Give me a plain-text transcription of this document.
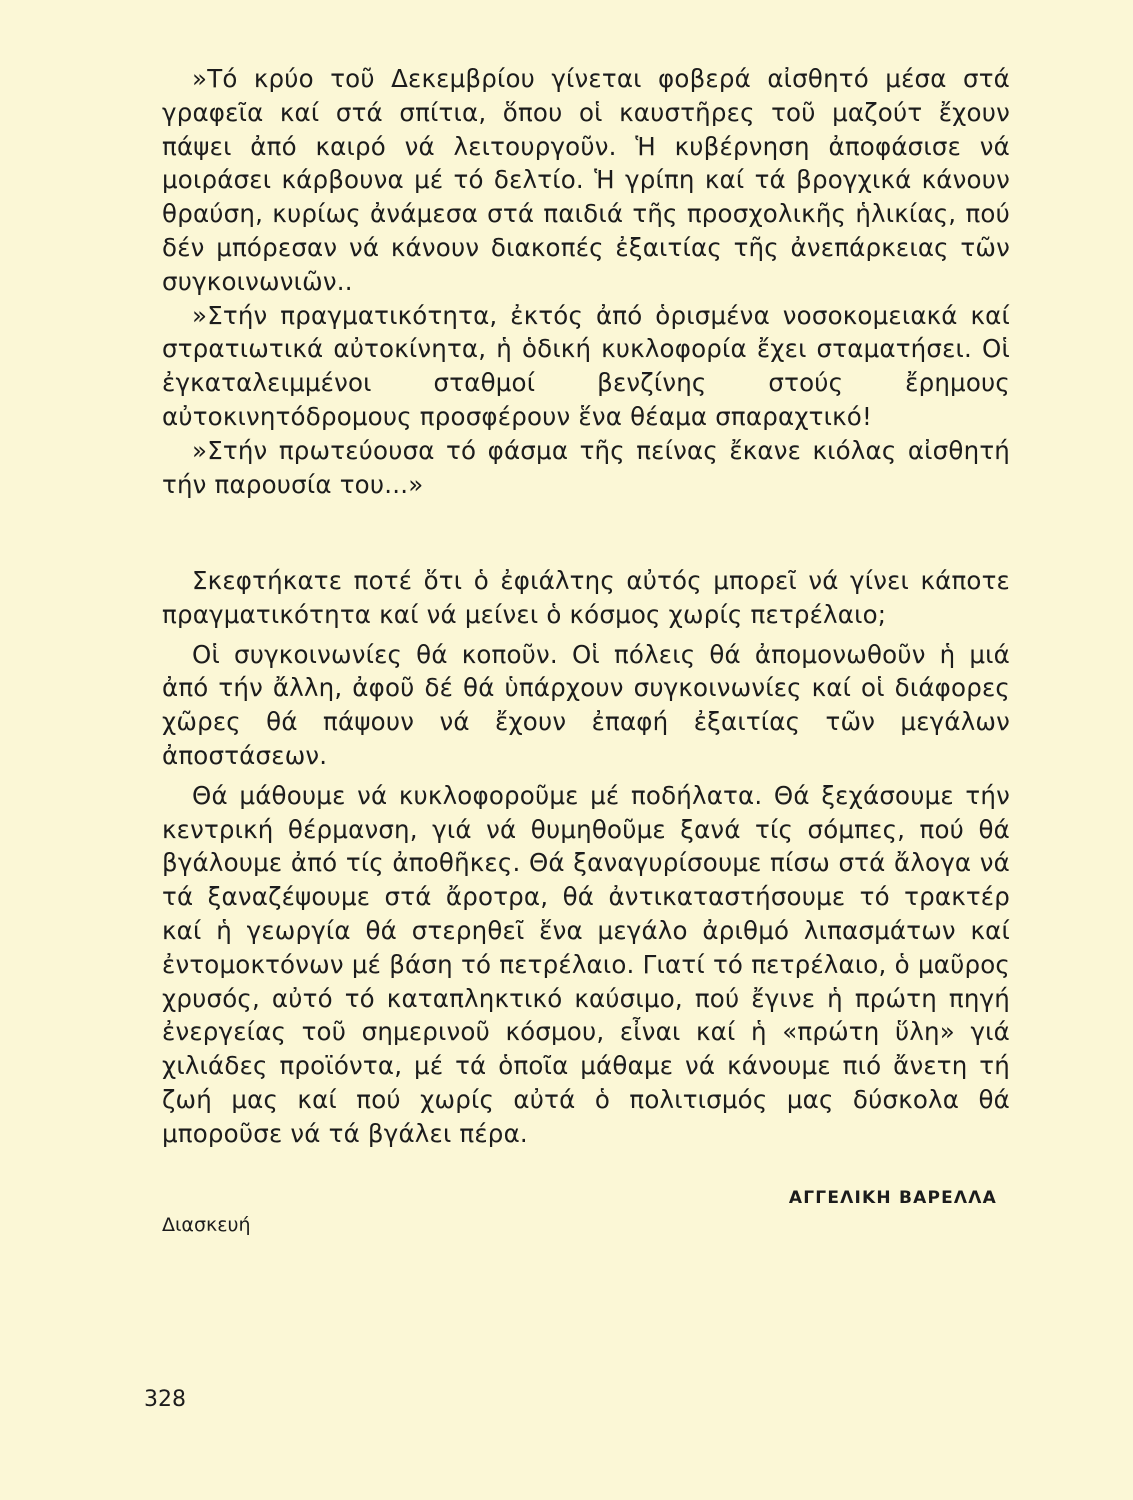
»Τό κρύο τοῦ Δεκεμβρίου γίνεται φοβερά αἰσθητό μέσα στά γραφεῖα καί στά σπίτια, ὅπου οἱ καυστῆρες τοῦ μαζούτ ἔχουν πάψει ἀπό καιρό νά λειτουργοῦν. Ἡ κυβέρνηση ἀποφάσισε νά μοιράσει κάρβουνα μέ τό δελτίο. Ἡ γρίπη καί τά βρογχικά κάνουν θραύση, κυρίως ἀνάμεσα στά παιδιά τῆς προσχολικῆς ἡλικίας, πού δέν μπόρεσαν νά κάνουν διακοπές ἐξαιτίας τῆς ἀνεπάρκειας τῶν συγκοινωνιῶν..

»Στήν πραγματικότητα, ἐκτός ἀπό ὁρισμένα νοσοκομειακά καί στρατιωτικά αὐτοκίνητα, ἡ ὁδική κυκλοφορία ἔχει σταματήσει. Οἱ ἐγκαταλειμμένοι σταθμοί βενζίνης στούς ἔρημους αὐτοκινητόδρομους προσφέρουν ἕνα θέαμα σπαραχτικό!

»Στήν πρωτεύουσα τό φάσμα τῆς πείνας ἔκανε κιόλας αἰσθητή τήν παρουσία του...»

Σκεφτήκατε ποτέ ὅτι ὁ ἐφιάλτης αὐτός μπορεῖ νά γίνει κάποτε πραγματικότητα καί νά μείνει ὁ κόσμος χωρίς πετρέλαιο;

Οἱ συγκοινωνίες θά κοποῦν. Οἱ πόλεις θά ἀπομονωθοῦν ἡ μιά ἀπό τήν ἄλλη, ἀφοῦ δέ θά ὑπάρχουν συγκοινωνίες καί οἱ διάφορες χῶρες θά πάψουν νά ἔχουν ἐπαφή ἐξαιτίας τῶν μεγάλων ἀποστάσεων.

Θά μάθουμε νά κυκλοφοροῦμε μέ ποδήλατα. Θά ξεχάσουμε τήν κεντρική θέρμανση, γιά νά θυμηθοῦμε ξανά τίς σόμπες, πού θά βγάλουμε ἀπό τίς ἀποθῆκες. Θά ξαναγυρίσουμε πίσω στά ἄλογα νά τά ξαναζέψουμε στά ἄροτρα, θά ἀντικαταστήσουμε τό τρακτέρ καί ἡ γεωργία θά στερηθεῖ ἕνα μεγάλο ἀριθμό λιπασμάτων καί ἐντομοκτόνων μέ βάση τό πετρέλαιο. Γιατί τό πετρέλαιο, ὁ μαῦρος χρυσός, αὐτό τό καταπληκτικό καύσιμο, πού ἔγινε ἡ πρώτη πηγή ἐνεργείας τοῦ σημερινοῦ κόσμου, εἶναι καί ἡ «πρώτη ὕλη» γιά χιλιάδες προϊόντα, μέ τά ὁποῖα μάθαμε νά κάνουμε πιό ἄνετη τή ζωή μας καί πού χωρίς αὐτά ὁ πολιτισμός μας δύσκολα θά μποροῦσε νά τά βγάλει πέρα.

ΑΓΓΕΛΙΚΗ ΒΑΡΕΛΛΑ
Διασκευή
328
